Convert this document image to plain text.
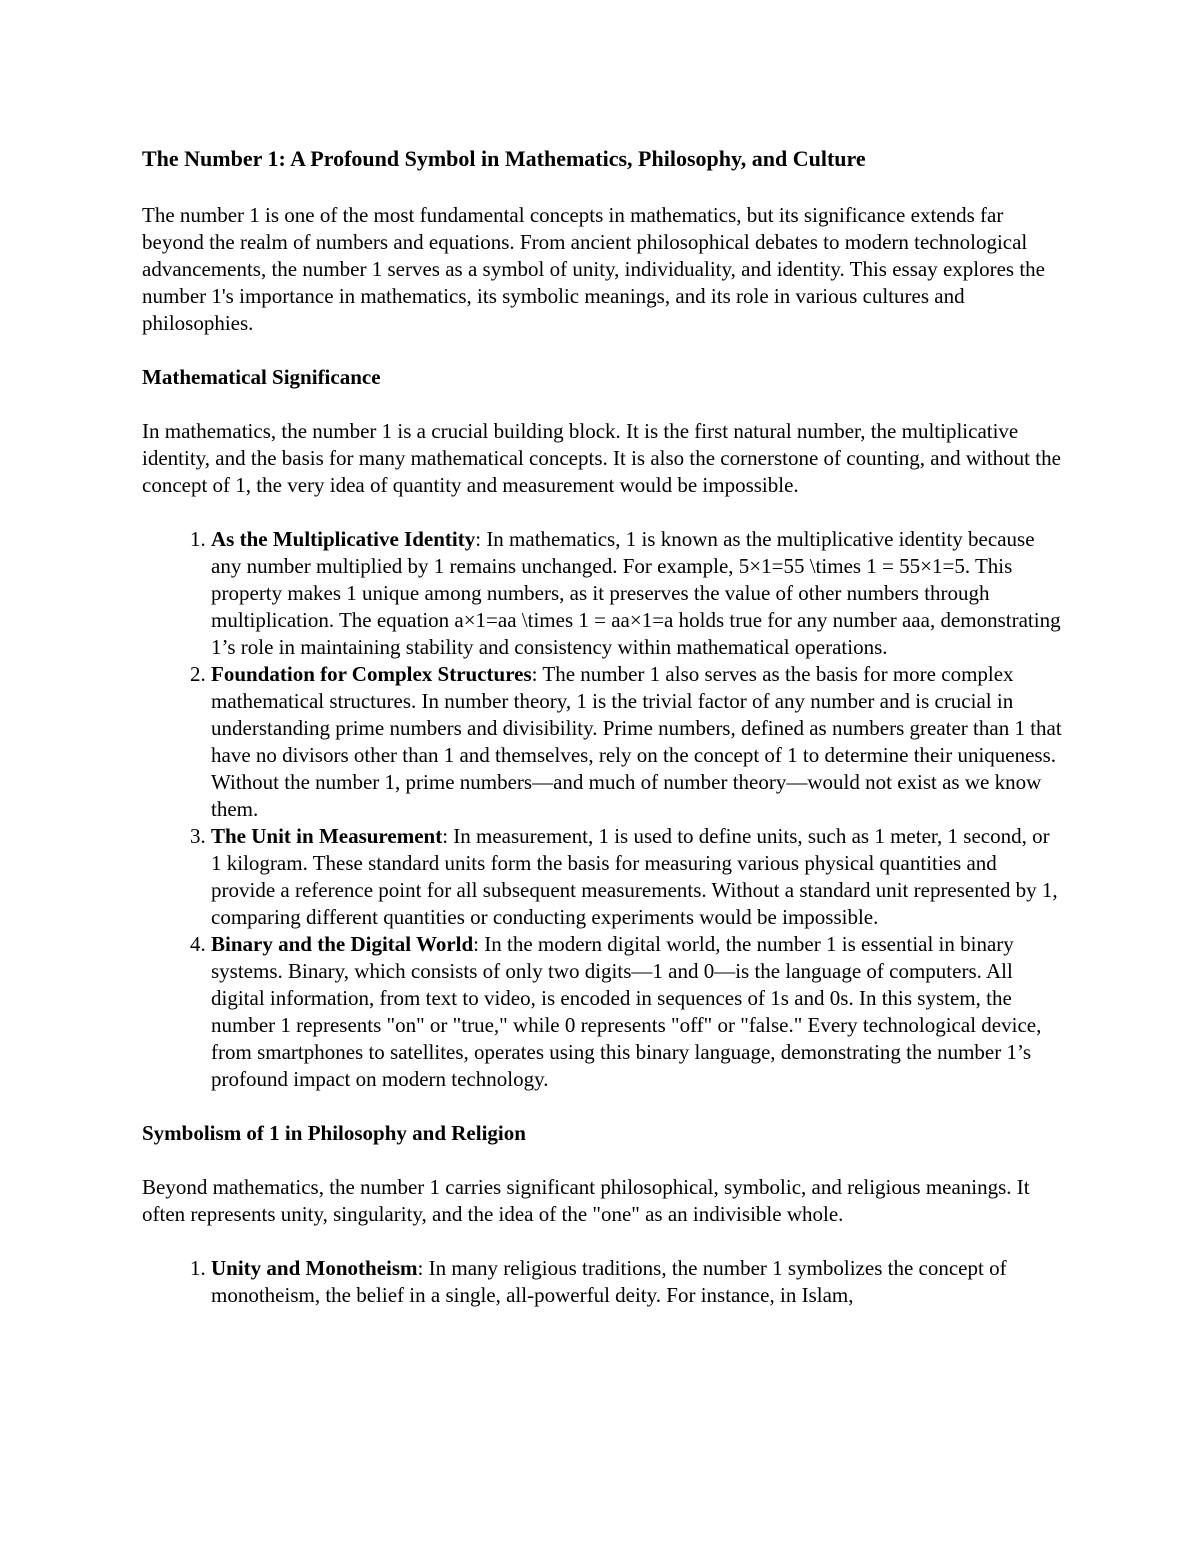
The Number 1: A Profound Symbol in Mathematics, Philosophy, and Culture

The number 1 is one of the most fundamental concepts in mathematics, but its significance extends far beyond the realm of numbers and equations. From ancient philosophical debates to modern technological advancements, the number 1 serves as a symbol of unity, individuality, and identity. This essay explores the number 1's importance in mathematics, its symbolic meanings, and its role in various cultures and philosophies.

Mathematical Significance

In mathematics, the number 1 is a crucial building block. It is the first natural number, the multiplicative identity, and the basis for many mathematical concepts. It is also the cornerstone of counting, and without the concept of 1, the very idea of quantity and measurement would be impossible.

1. As the Multiplicative Identity: In mathematics, 1 is known as the multiplicative identity because any number multiplied by 1 remains unchanged. For example, 5×1=55 \times 1 = 55×1=5. This property makes 1 unique among numbers, as it preserves the value of other numbers through multiplication. The equation a×1=aa \times 1 = aa×1=a holds true for any number aaa, demonstrating 1’s role in maintaining stability and consistency within mathematical operations.
2. Foundation for Complex Structures: The number 1 also serves as the basis for more complex mathematical structures. In number theory, 1 is the trivial factor of any number and is crucial in understanding prime numbers and divisibility. Prime numbers, defined as numbers greater than 1 that have no divisors other than 1 and themselves, rely on the concept of 1 to determine their uniqueness. Without the number 1, prime numbers—and much of number theory—would not exist as we know them.
3. The Unit in Measurement: In measurement, 1 is used to define units, such as 1 meter, 1 second, or 1 kilogram. These standard units form the basis for measuring various physical quantities and provide a reference point for all subsequent measurements. Without a standard unit represented by 1, comparing different quantities or conducting experiments would be impossible.
4. Binary and the Digital World: In the modern digital world, the number 1 is essential in binary systems. Binary, which consists of only two digits—1 and 0—is the language of computers. All digital information, from text to video, is encoded in sequences of 1s and 0s. In this system, the number 1 represents "on" or "true," while 0 represents "off" or "false." Every technological device, from smartphones to satellites, operates using this binary language, demonstrating the number 1’s profound impact on modern technology.
Symbolism of 1 in Philosophy and Religion

Beyond mathematics, the number 1 carries significant philosophical, symbolic, and religious meanings. It often represents unity, singularity, and the idea of the "one" as an indivisible whole.

1. Unity and Monotheism: In many religious traditions, the number 1 symbolizes the concept of monotheism, the belief in a single, all-powerful deity. For instance, in Islam,
